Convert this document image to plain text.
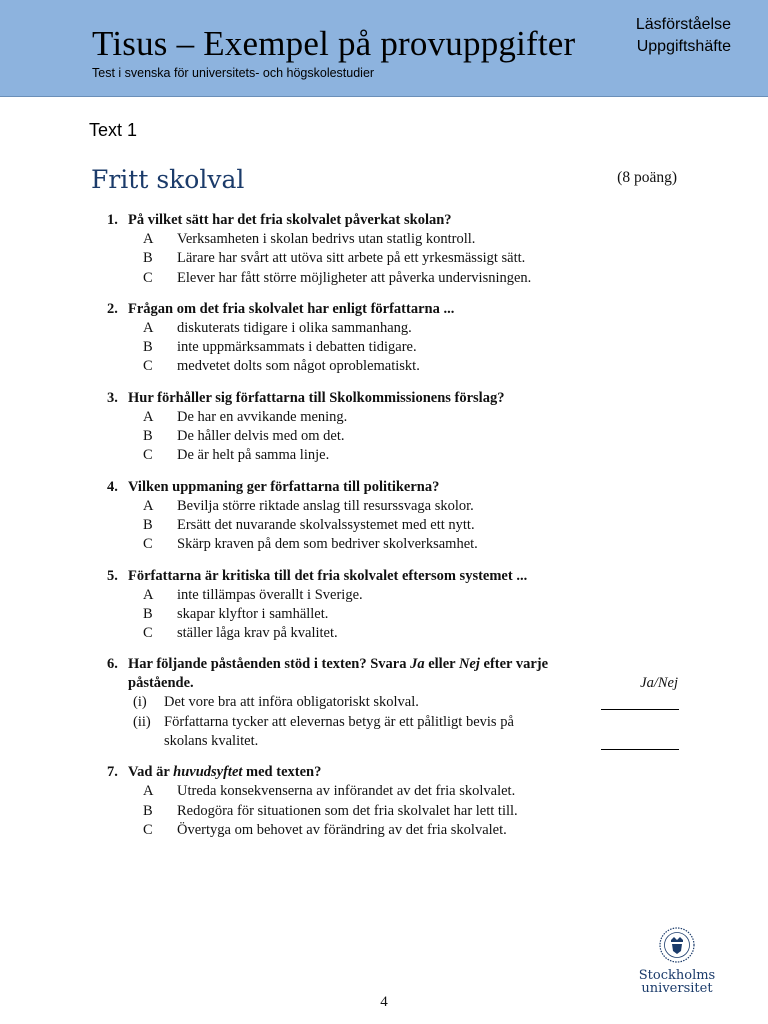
Tisus – Exempel på provuppgifter
Test i svenska för universitets- och högskolestudier
Läsförståelse
Uppgiftshäfte
Text 1
Fritt skolval	(8 poäng)
1. På vilket sätt har det fria skolvalet påverkat skolan?
A	Verksamheten i skolan bedrivs utan statlig kontroll.
B	Lärare har svårt att utöva sitt arbete på ett yrkesmässigt sätt.
C	Elever har fått större möjligheter att påverka undervisningen.
2. Frågan om det fria skolvalet har enligt författarna ...
A	diskuterats tidigare i olika sammanhang.
B	inte uppmärksammats i debatten tidigare.
C	medvetet dolts som något oproblematiskt.
3. Hur förhåller sig författarna till Skolkommissionens förslag?
A	De har en avvikande mening.
B	De håller delvis med om det.
C	De är helt på samma linje.
4. Vilken uppmaning ger författarna till politikerna?
A	Bevilja större riktade anslag till resurssvaga skolor.
B	Ersätt det nuvarande skolvalssystemet med ett nytt.
C	Skärp kraven på dem som bedriver skolverksamhet.
5. Författarna är kritiska till det fria skolvalet eftersom systemet ...
A	inte tillämpas överallt i Sverige.
B	skapar klyftor i samhället.
C	ställer låga krav på kvalitet.
6. Har följande påståenden stöd i texten? Svara Ja eller Nej efter varje
påstående.	Ja/Nej
(i)	Det vore bra att införa obligatoriskt skolval.
(ii) Författarna tycker att elevernas betyg är ett pålitligt bevis på
skolans kvalitet.
7. Vad är huvudsyftet med texten?
A	Utreda konsekvenserna av införandet av det fria skolvalet.
B	Redogöra för situationen som det fria skolvalet har lett till.
C	Övertyga om behovet av förändring av det fria skolvalet.
Stockholms
universitet
4
